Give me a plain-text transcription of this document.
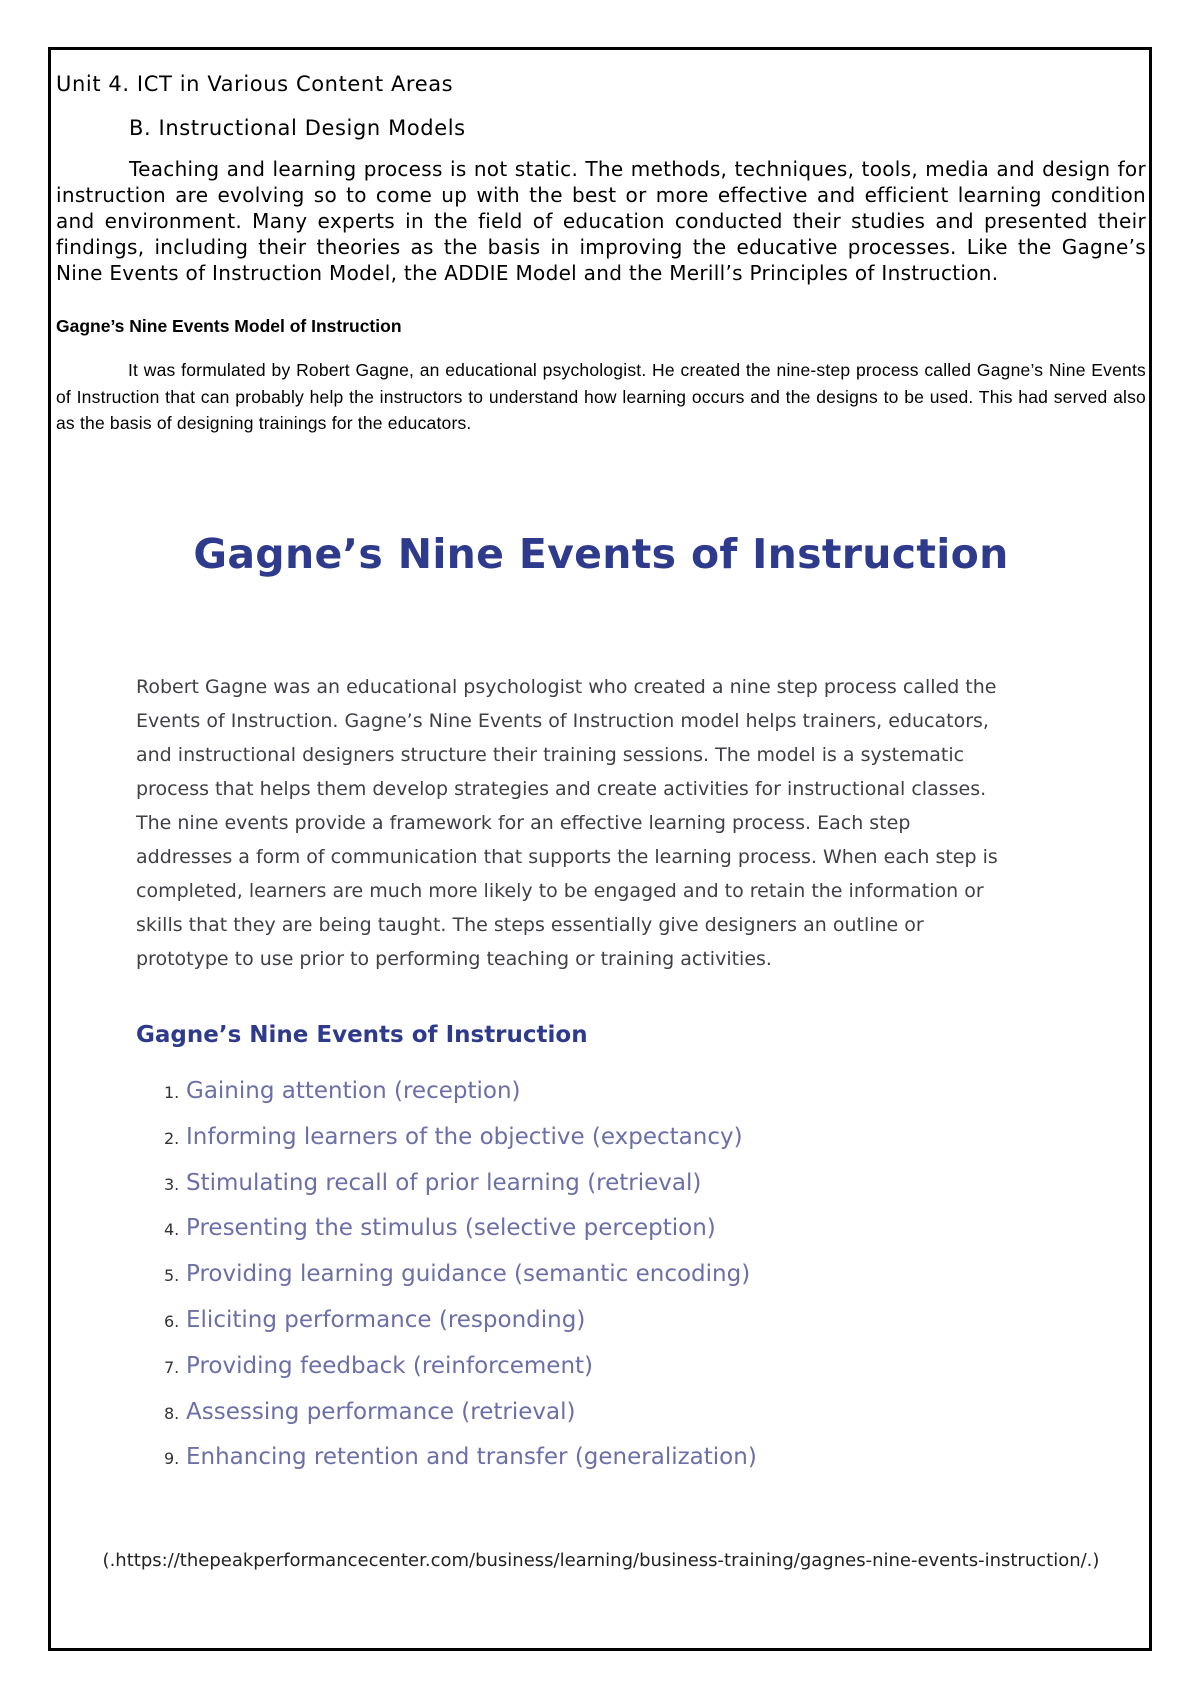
Unit 4. ICT in Various Content Areas
B. Instructional Design Models

Teaching and learning process is not static. The methods, techniques, tools, media and design for instruction are evolving so to come up with the best or more effective and efficient learning condition and environment. Many experts in the field of education conducted their studies and presented their findings, including their theories as the basis in improving the educative processes. Like the Gagne’s Nine Events of Instruction Model, the ADDIE Model and the Merill’s Principles of Instruction.

Gagne’s Nine Events Model of Instruction

It was formulated by Robert Gagne, an educational psychologist. He created the nine-step process called Gagne’s Nine Events of Instruction that can probably help the instructors to understand how learning occurs and the designs to be used. This had served also as the basis of designing trainings for the educators.

Gagne’s Nine Events of Instruction
Robert Gagne was an educational psychologist who created a nine step process called the
Events of Instruction. Gagne’s Nine Events of Instruction model helps trainers, educators,
and instructional designers structure their training sessions. The model is a systematic
process that helps them develop strategies and create activities for instructional classes.
The nine events provide a framework for an effective learning process. Each step
addresses a form of communication that supports the learning process. When each step is
completed, learners are much more likely to be engaged and to retain the information or
skills that they are being taught. The steps essentially give designers an outline or
prototype to use prior to performing teaching or training activities.
Gagne’s Nine Events of Instruction
1. Gaining attention (reception)
2. Informing learners of the objective (expectancy)
3. Stimulating recall of prior learning (retrieval)
4. Presenting the stimulus (selective perception)
5. Providing learning guidance (semantic encoding)
6. Eliciting performance (responding)
7. Providing feedback (reinforcement)
8. Assessing performance (retrieval)
9. Enhancing retention and transfer (generalization)
(.https://thepeakperformancecenter.com/business/learning/business-training/gagnes-nine-events-instruction/.)
